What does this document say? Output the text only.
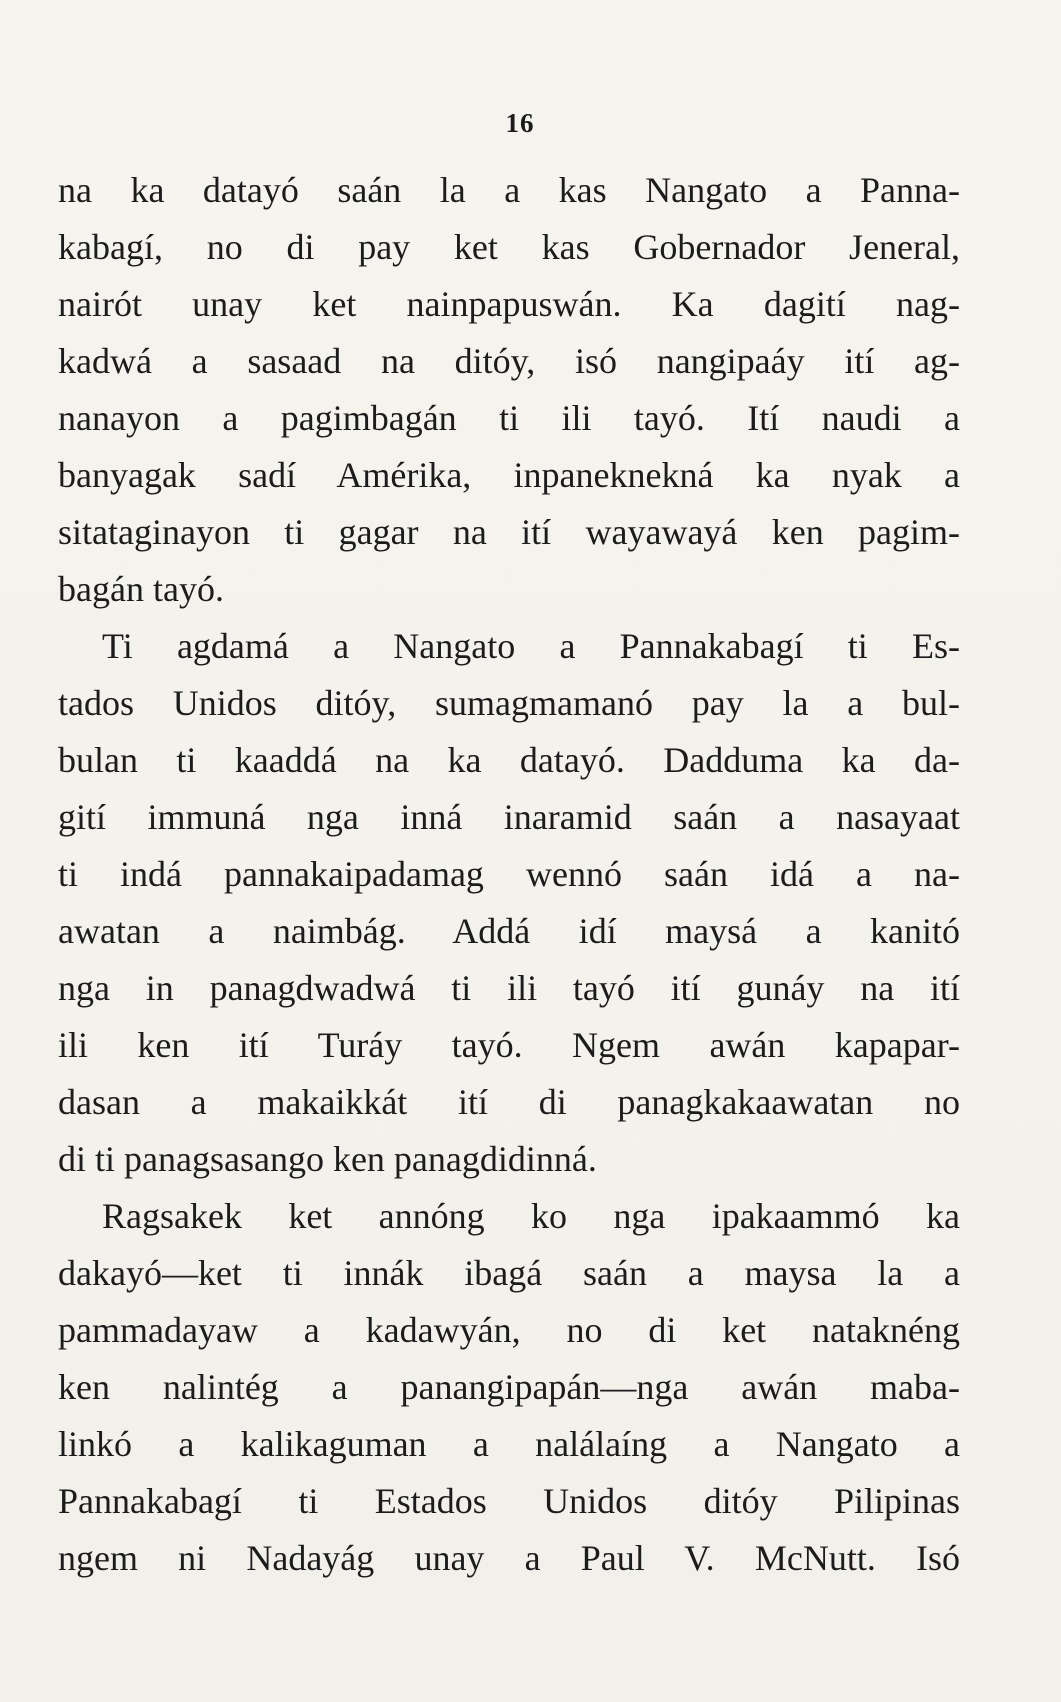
16
na ka datayó saán la a kas Nangato a Panna-
kabagí, no di pay ket kas Gobernador Jeneral,
nairót unay ket nainpapuswán. Ka dagití nag-
kadwá a sasaad na ditóy, isó nangipaáy ití ag-
nanayon a pagimbagán ti ili tayó. Ití naudi a
banyagak sadí Amérika, inpaneknekná ka nyak a
sitataginayon ti gagar na ití wayawayá ken pagim-
bagán tayó.
Ti agdamá a Nangato a Pannakabagí ti Es-
tados Unidos ditóy, sumagmamanó pay la a bul-
bulan ti kaaddá na ka datayó. Dadduma ka da-
gití immuná nga inná inaramid saán a nasayaat
ti indá pannakaipadamag wennó saán idá a na-
awatan a naimbág. Addá idí maysá a kanitó
nga in panagdwadwá ti ili tayó ití gunáy na ití
ili ken ití Turáy tayó. Ngem awán kapapar-
dasan a makaikkát ití di panagkakaawatan no
di ti panagsasango ken panagdidinná.
Ragsakek ket annóng ko nga ipakaammó ka
dakayó—ket ti innák ibagá saán a maysa la a
pammadayaw a kadawyán, no di ket nataknéng
ken nalintég a panangipapán—nga awán maba-
linkó a kalikaguman a nalálaíng a Nangato a
Pannakabagí ti Estados Unidos ditóy Pilipinas
ngem ni Nadayág unay a Paul V. McNutt. Isó
